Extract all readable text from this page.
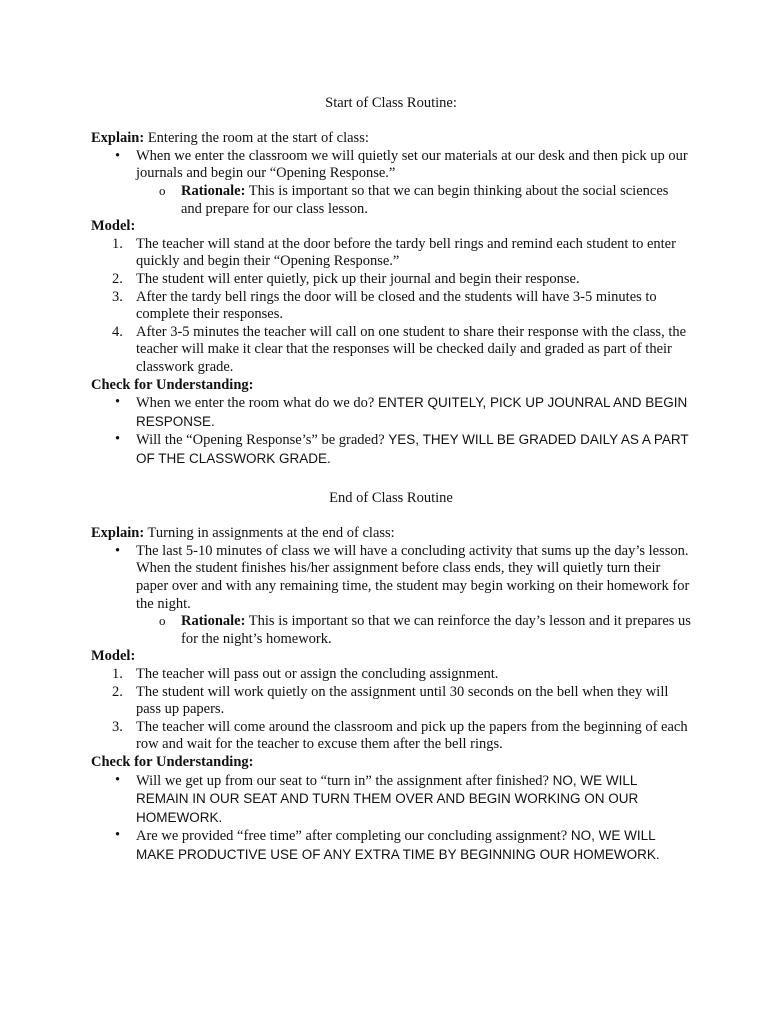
Start of Class Routine:

Explain: Entering the room at the start of class:

• When we enter the classroom we will quietly set our materials at our desk and then pick up our journals and begin our “Opening Response.”
o Rationale: This is important so that we can begin thinking about the social sciences and prepare for our class lesson.

Model:

1. The teacher will stand at the door before the tardy bell rings and remind each student to enter quickly and begin their “Opening Response.”
2. The student will enter quietly, pick up their journal and begin their response.
3. After the tardy bell rings the door will be closed and the students will have 3-5 minutes to complete their responses.
4. After 3-5 minutes the teacher will call on one student to share their response with the class, the teacher will make it clear that the responses will be checked daily and graded as part of their classwork grade.

Check for Understanding:

• When we enter the room what do we do? ENTER QUITELY, PICK UP JOUNRAL AND BEGIN RESPONSE.
• Will the “Opening Response’s” be graded? YES, THEY WILL BE GRADED DAILY AS A PART OF THE CLASSWORK GRADE.

End of Class Routine

Explain: Turning in assignments at the end of class:

• The last 5-10 minutes of class we will have a concluding activity that sums up the day’s lesson. When the student finishes his/her assignment before class ends, they will quietly turn their paper over and with any remaining time, the student may begin working on their homework for the night.
o Rationale: This is important so that we can reinforce the day’s lesson and it prepares us for the night’s homework.

Model:

1. The teacher will pass out or assign the concluding assignment.
2. The student will work quietly on the assignment until 30 seconds on the bell when they will pass up papers.
3. The teacher will come around the classroom and pick up the papers from the beginning of each row and wait for the teacher to excuse them after the bell rings.

Check for Understanding:

• Will we get up from our seat to “turn in” the assignment after finished? NO, WE WILL REMAIN IN OUR SEAT AND TURN THEM OVER AND BEGIN WORKING ON OUR HOMEWORK.
• Are we provided “free time” after completing our concluding assignment? NO, WE WILL MAKE PRODUCTIVE USE OF ANY EXTRA TIME BY BEGINNING OUR HOMEWORK.
